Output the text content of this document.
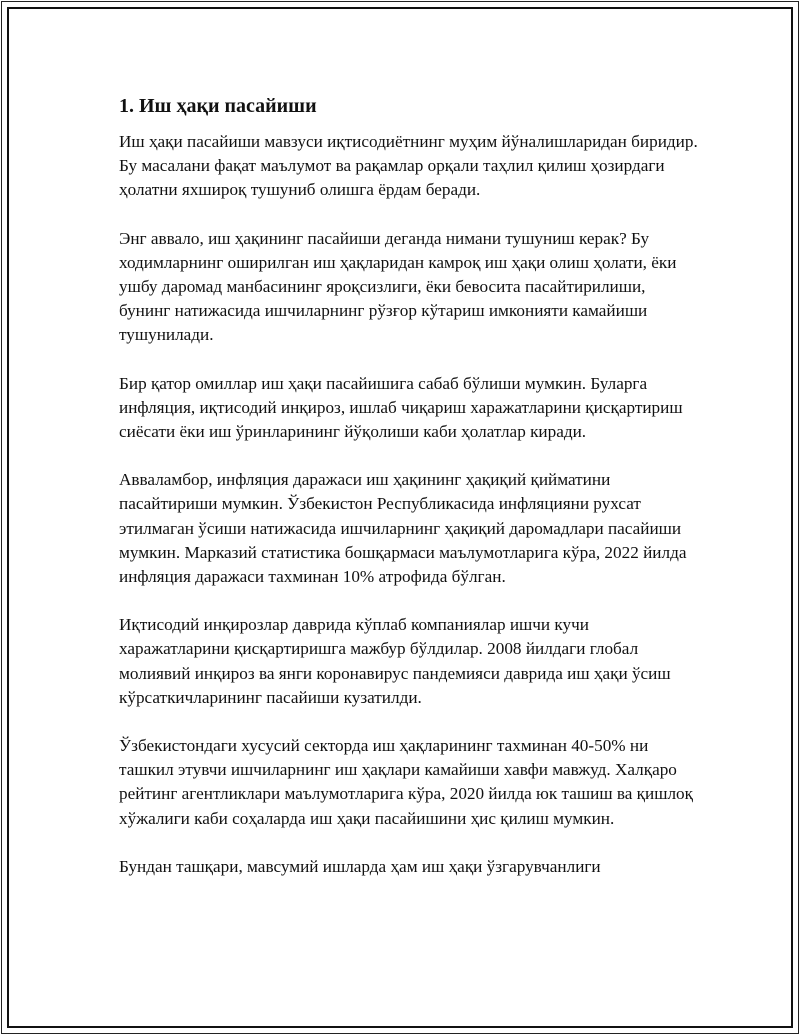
1. Иш ҳақи пасайиши

Иш ҳақи пасайиши мавзуси иқтисодиётнинг муҳим йўналишларидан биридир. Бу масалани фақат маълумот ва рақамлар орқали таҳлил қилиш ҳозирдаги ҳолатни яхшироқ тушуниб олишга ёрдам беради.

Энг аввало, иш ҳақининг пасайиши деганда нимани тушуниш керак? Бу ходимларнинг оширилган иш ҳақларидан камроқ иш ҳақи олиш ҳолати, ёки ушбу даромад манбасининг яроқсизлиги, ёки бевосита пасайтирилиши, бунинг натижасида ишчиларнинг рўзғор кўтариш имконияти камайиши тушунилади.

Бир қатор омиллар иш ҳақи пасайишига сабаб бўлиши мумкин. Буларга инфляция, иқтисодий инқироз, ишлаб чиқариш харажатларини қисқартириш сиёсати ёки иш ўринларининг йўқолиши каби ҳолатлар киради.

Авваламбор, инфляция даражаси иш ҳақининг ҳақиқий қийматини пасайтириши мумкин. Ўзбекистон Республикасида инфляцияни рухсат этилмаган ўсиши натижасида ишчиларнинг ҳақиқий даромадлари пасайиши мумкин. Марказий статистика бошқармаси маълумотларига кўра, 2022 йилда инфляция даражаси тахминан 10% атрофида бўлган.

Иқтисодий инқирозлар даврида кўплаб компаниялар ишчи кучи харажатларини қисқартиришга мажбур бўлдилар. 2008 йилдаги глобал молиявий инқироз ва янги коронавирус пандемияси даврида иш ҳақи ўсиш кўрсаткичларининг пасайиши кузатилди.

Ўзбекистондаги хусусий секторда иш ҳақларининг тахминан 40-50% ни ташкил этувчи ишчиларнинг иш ҳақлари камайиши хавфи мавжуд. Халқаро рейтинг агентликлари маълумотларига кўра, 2020 йилда юк ташиш ва қишлоқ хўжалиги каби соҳаларда иш ҳақи пасайишини ҳис қилиш мумкин.

Бундан ташқари, мавсумий ишларда ҳам иш ҳақи ўзгарувчанлиги
